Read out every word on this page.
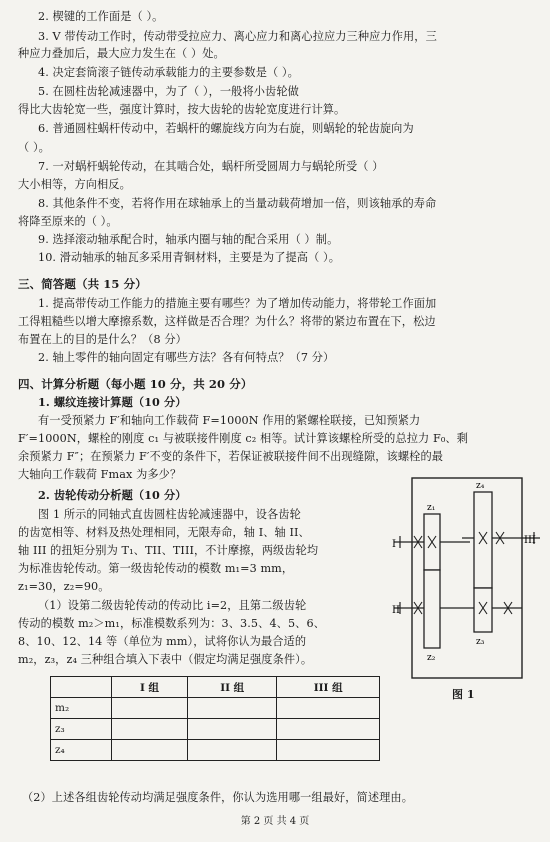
2. 楔键的工作面是（ ）。
3. V 带传动工作时，传动带受拉应力、离心应力和离心拉应力三种应力作用，三
种应力叠加后，最大应力发生在（ ）处。
4. 决定套筒滚子链传动承载能力的主要参数是（ ）。
5. 在圆柱齿轮减速器中，为了（ ），一般将小齿轮做
得比大齿轮宽一些，强度计算时，按大齿轮的齿轮宽度进行计算。
6. 普通圆柱蜗杆传动中，若蜗杆的螺旋线方向为右旋，则蜗轮的轮齿旋向为
（ ）。
7. 一对蜗杆蜗轮传动，在其啮合处，蜗杆所受圆周力与蜗轮所受（ ）
大小相等，方向相反。
8. 其他条件不变，若将作用在球轴承上的当量动载荷增加一倍，则该轴承的寿命
将降至原来的（ ）。
9. 选择滚动轴承配合时，轴承内圈与轴的配合采用（ ）制。
10. 滑动轴承的轴瓦多采用青铜材料，主要是为了提高（ ）。
三、简答题（共 15 分）
1. 提高带传动工作能力的措施主要有哪些？为了增加传动能力，将带轮工作面加
工得粗糙些以增大摩擦系数，这样做是否合理？为什么？将带的紧边布置在下，松边
布置在上的目的是什么？（8 分）
2. 轴上零件的轴向固定有哪些方法？各有何特点？（7 分）
四、计算分析题（每小题 10 分，共 20 分）
1. 螺纹连接计算题（10 分）
有一受预紧力 F′和轴向工作载荷 F=1000N 作用的紧螺栓联接，已知预紧力
F′=1000N，螺栓的刚度 c₁ 与被联接件刚度 c₂ 相等。试计算该螺栓所受的总拉力 F₀、剩
余预紧力 F″；在预紧力 F′不变的条件下，若保证被联接件间不出现缝隙，该螺栓的最
大轴向工作载荷 Fmax 为多少？
2. 齿轮传动分析题（10 分）
图 1 所示的同轴式直齿圆柱齿轮减速器中，设各齿轮
的齿宽相等、材料及热处理相同，无限寿命，轴 I、轴 II、
轴 III 的扭矩分别为 T₁、TII、TIII，不计摩擦，两级齿轮均
为标准齿轮传动。第一级齿轮传动的模数 m₁=3 mm，
z₁=30，z₂=90。
（1）设第二级齿轮传动的传动比 i=2，且第二级齿轮
传动的模数 m₂＞m₁，标准模数系列为：3、3.5、4、5、6、
8、10、12、14 等（单位为 mm），试将你认为最合适的
m₂，z₃，z₄ 三种组合填入下表中（假定均满足强度条件）。
	I 组	II 组	III 组
m₂			
z₃			
z₄			
I	III
II
z₁
z₂
z₃
z₄
图 1
（2）上述各组齿轮传动均满足强度条件，你认为选用哪一组最好，简述理由。
第 2 页 共 4 页
